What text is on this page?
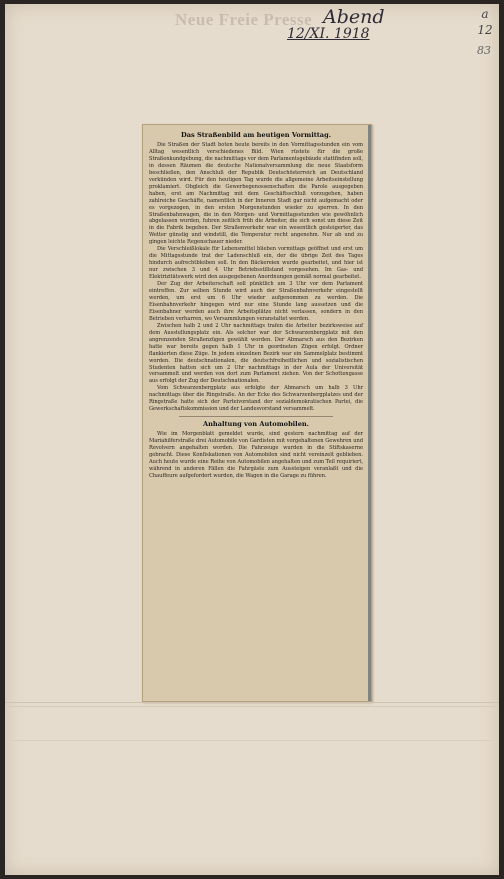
Neue Freie Presse Abend
12/XI. 1918
a
12
83
Das Straßenbild am heutigen Vormittag.

Die Straßen der Stadt boten heute bereits in den Vormittagsstunden ein vom Alltag wesentlich verschiedenes Bild. Wien rüstete für die große Straßenkundgebung, die nachmittags vor dem Parlamentsgebäude stattfinden soll, in dessen Räumen die deutsche Nationalversammlung die neue Staatsform beschließen, den Anschluß der Republik Deutschösterreich an Deutschland verkünden wird. Für den heutigen Tag wurde die allgemeine Arbeitseinstellung proklamiert. Obgleich die Gewerbegenossenschaften die Parole ausgegeben haben, erst am Nachmittag mit dem Geschäftsschluß vorzugehen, haben zahlreiche Geschäfte, namentlich in der Inneren Stadt gar nicht aufgemacht oder es vorgezogen, in den ersten Morgenstunden wieder zu sperren. In den Straßenbahnwagen, die in den Morgen- und Vormittagsstunden wie gewöhnlich abgelassen wurden, fuhren zeitlich früh die Arbeiter, die sich sonst um diese Zeit in die Fabrik begeben. Der Straßenverkehr war ein wesentlich gesteigerter, das Wetter günstig und windstill, die Temperatur recht angenehm. Nur ab und zu gingen leichte Regenschauer nieder.

Die Verschleißlokale für Lebensmittel blieben vormittags geöffnet und erst um die Mittagsstunde trat der Ladenschluß ein, der die übrige Zeit des Tages hindurch aufrechtbleiben soll. In den Bäckereien wurde gearbeitet, und hier ist nur zwischen 3 und 4 Uhr Betriebsstillstand vorgesehen. Im Gas- und Elektrizitätswerk wird den ausgegebenen Anordnungen gemäß normal gearbeitet.

Der Zug der Arbeiterschaft soll pünktlich um 3 Uhr vor dem Parlament eintreffen. Zur selben Stunde wird auch der Straßenbahnverkehr eingestellt werden, um erst um 6 Uhr wieder aufgenommen zu werden. Die Eisenbahnverkehr hingegen wird nur eine Stunde lang aussetzen und die Eisenbahner werden auch ihre Arbeitsplätze nicht verlassen, sondern in den Betrieben verharren, wo Versammlungen veranstaltet werden.

Zwischen halb 2 und 2 Uhr nachmittags trafen die Arbeiter bezirksweise auf dem Ausstellungsplatz ein. Als solcher war der Schwarzenbergplatz mit den angrenzenden Straßenzügen gewählt worden. Der Abmarsch aus den Bezirken hatte war bereits gegen halb 1 Uhr in geordneten Zügen erfolgt. Ordner flankierten diese Züge. In jedem einzelnen Bezirk war ein Sammelplatz bestimmt worden. Die deutschnationalen, die deutschfreiheitlichen und sozialistischen Studenten hatten sich um 2 Uhr nachmittags in der Aula der Universität versammelt und werden von dort zum Parlament ziehen. Von der Schottengasse aus erfolgt der Zug der Deutschnationalen.

Vom Schwarzenbergplatz aus erfolgte der Abmarsch um halb 3 Uhr nachmittags über die Ringstraße. An der Ecke des Schwarzenbergplatzes und der Ringstraße hatte sich der Parteivorstand der sozialdemokratischen Partei, die Gewerkschaftskommission und der Landesvorstand versammelt.

Anhaltung von Automobilen.

Wie im Morgenblatt gemeldet wurde, sind gestern nachmittag auf der Mariahilferstraße drei Automobile von Gardisten mit vorgehaltenen Gewehren und Revolvern angehalten worden. Die Fahrzeuge wurden in die Stiftskaserne gebracht. Diese Konfiskationen von Automobilen sind nicht vereinzelt geblieben. Auch heute wurde eine Reihe von Automobilen angehalten und zum Teil requiriert, während in anderen Fällen die Fahrgäste zum Aussteigen veranlaßt und die Chauffeure aufgefordert wurden, die Wagen in die Garage zu führen.
